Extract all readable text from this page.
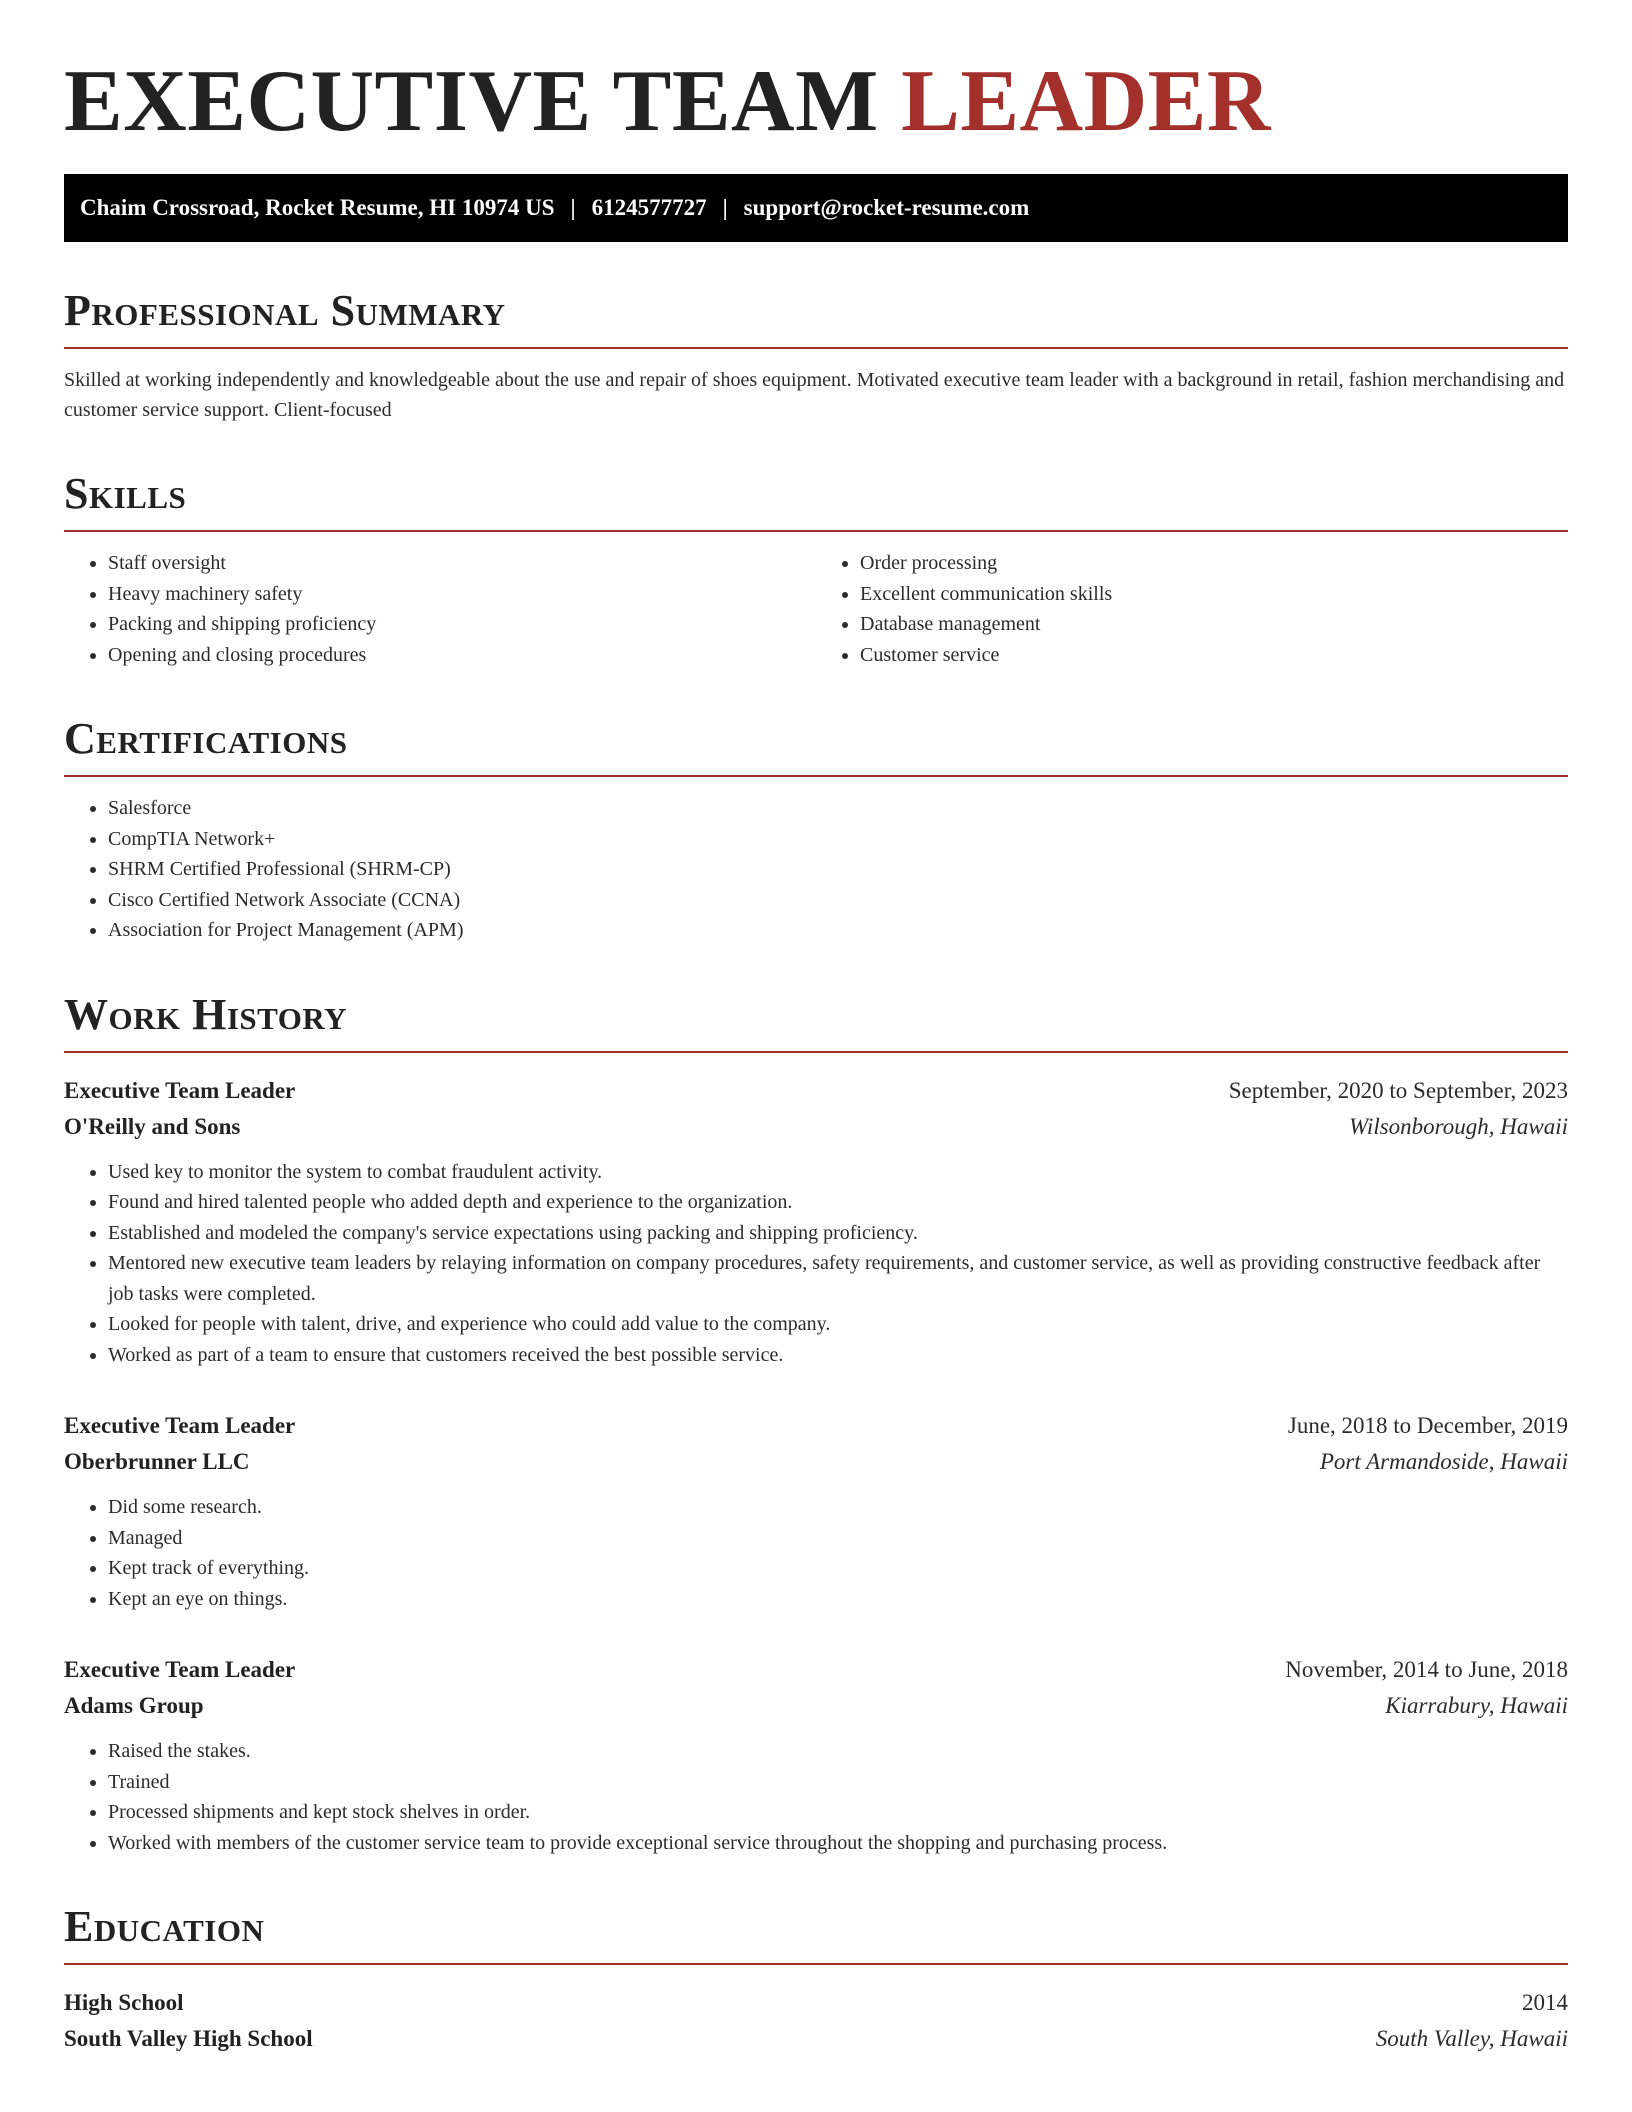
EXECUTIVE TEAM LEADER
Chaim Crossroad, Rocket Resume, HI 10974 US | 6124577727 | support@rocket-resume.com
Professional Summary

Skilled at working independently and knowledgeable about the use and repair of shoes equipment. Motivated executive team leader with a background in retail, fashion merchandising and customer service support. Client-focused

Skills
• Staff oversight
• Heavy machinery safety
• Packing and shipping proficiency
• Opening and closing procedures
• Order processing
• Excellent communication skills
• Database management
• Customer service
Certifications
• Salesforce
• CompTIA Network+
• SHRM Certified Professional (SHRM-CP)
• Cisco Certified Network Associate (CCNA)
• Association for Project Management (APM)
Work History
Executive Team Leader	September, 2020 to September, 2023
O'Reilly and Sons	Wilsonborough, Hawaii
• Used key to monitor the system to combat fraudulent activity.
• Found and hired talented people who added depth and experience to the organization.
• Established and modeled the company's service expectations using packing and shipping proficiency.
• Mentored new executive team leaders by relaying information on company procedures, safety requirements, and customer service, as well as providing constructive feedback after job tasks were completed.
• Looked for people with talent, drive, and experience who could add value to the company.
• Worked as part of a team to ensure that customers received the best possible service.
Executive Team Leader	June, 2018 to December, 2019
Oberbrunner LLC	Port Armandoside, Hawaii
• Did some research.
• Managed
• Kept track of everything.
• Kept an eye on things.
Executive Team Leader	November, 2014 to June, 2018
Adams Group	Kiarrabury, Hawaii
• Raised the stakes.
• Trained
• Processed shipments and kept stock shelves in order.
• Worked with members of the customer service team to provide exceptional service throughout the shopping and purchasing process.
Education
High School	2014
South Valley High School	South Valley, Hawaii
